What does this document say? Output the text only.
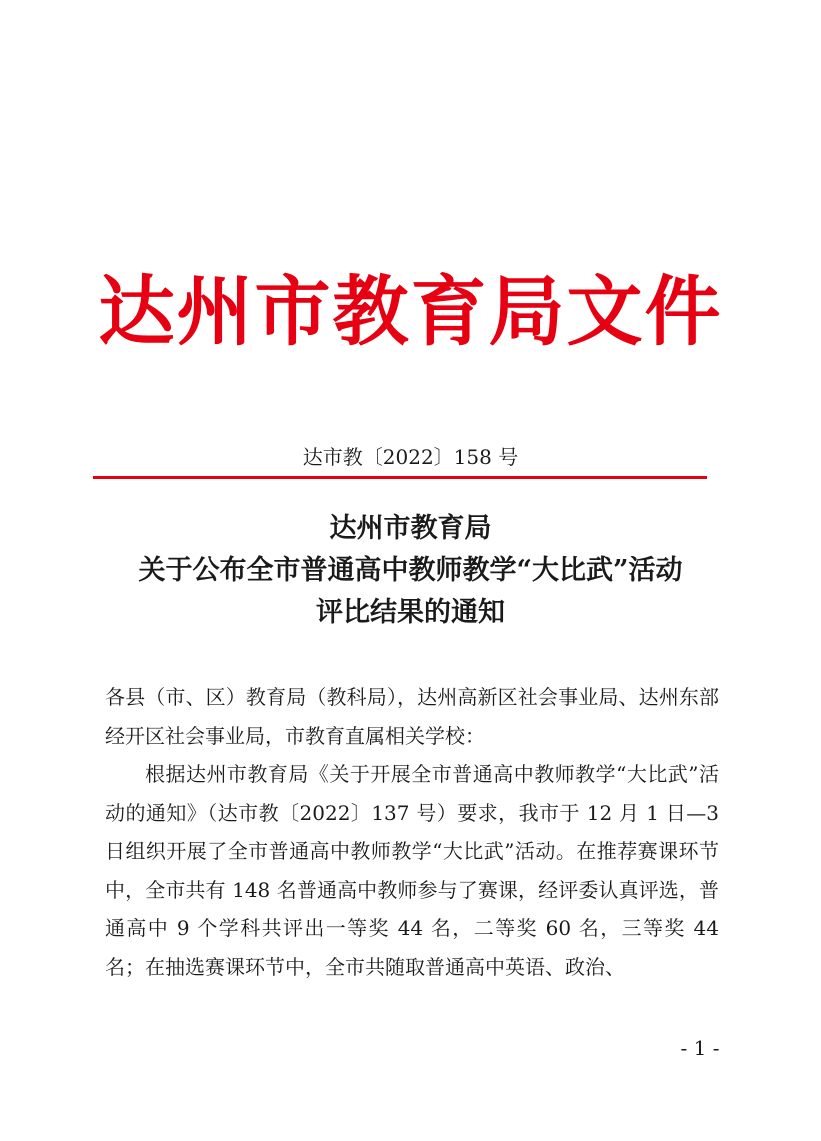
达州市教育局文件
达市教〔2022〕158 号
达州市教育局
关于公布全市普通高中教师教学“大比武”活动
评比结果的通知

各县（市、区）教育局（教科局），达州高新区社会事业局、达州东部经开区社会事业局，市教育直属相关学校：

根据达州市教育局《关于开展全市普通高中教师教学“大比武”活动的通知》（达市教〔2022〕137 号）要求，我市于 12 月 1 日—3 日组织开展了全市普通高中教师教学“大比武”活动。在推荐赛课环节中，全市共有 148 名普通高中教师参与了赛课，经评委认真评选，普通高中 9 个学科共评出一等奖 44 名，二等奖 60 名，三等奖 44 名；在抽选赛课环节中，全市共随取普通高中英语、政治、

- 1 -
